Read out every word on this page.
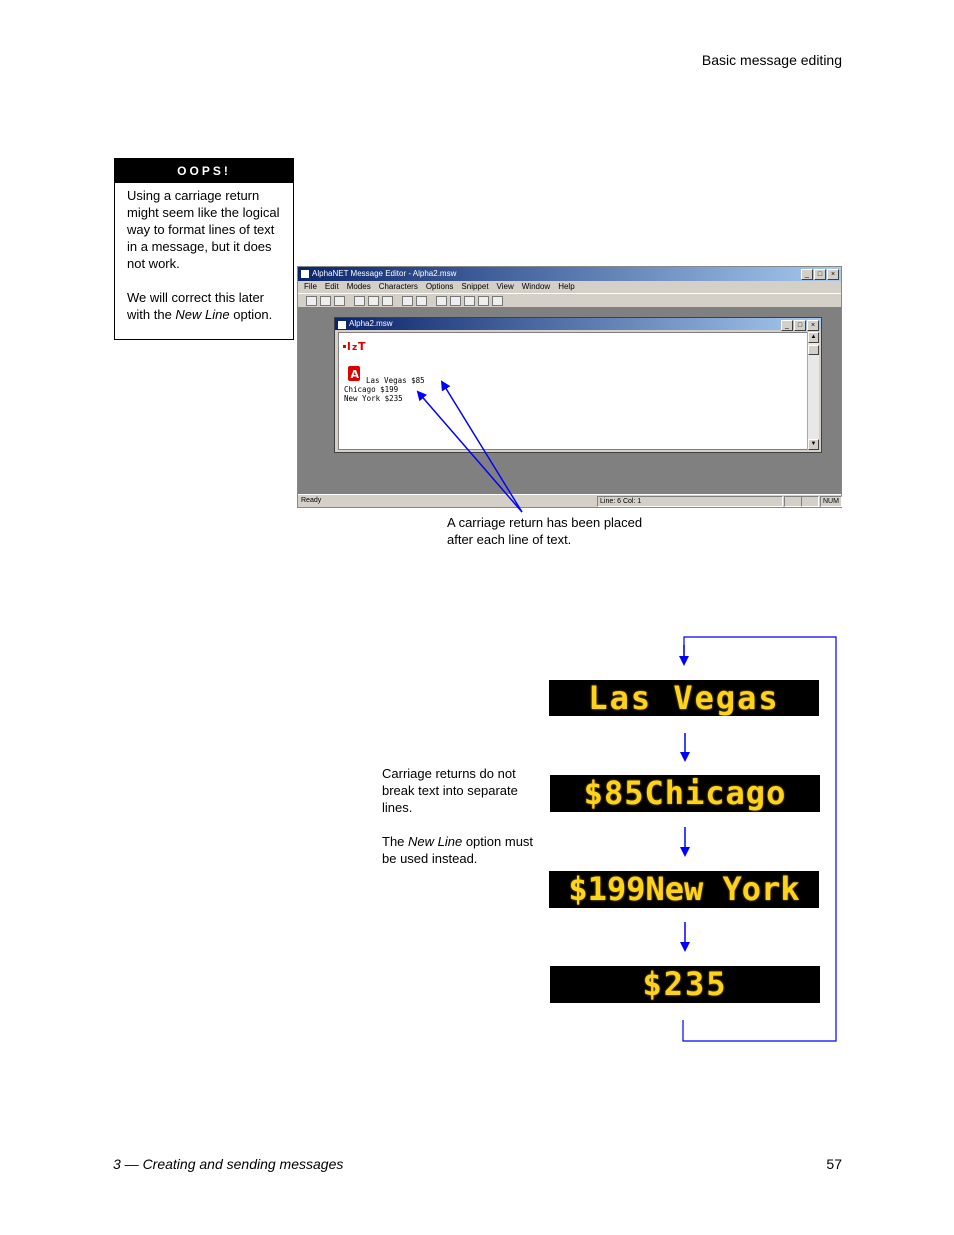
Basic message editing
OOPS!

Using a carriage return might seem like the logical way to format lines of text in a message, but it does not work.

We will correct this later with the New Line option.

AlphaNET Message Editor - Alpha2.msw	_	□	×
File Edit Modes Characters Options Snippet View Window Help
Alpha2.msw	_	□	×
l z T
A Las Vegas $85
Chicago $199
New York $235
▲
▼
Ready	Line: 6 Col: 1	NUM
A carriage return has been placed
after each line of text.

Carriage returns do not break text into separate lines.

The New Line option must be used instead.

Las Vegas
$85Chicago
$199New York
$235
3 — Creating and sending messages	57
